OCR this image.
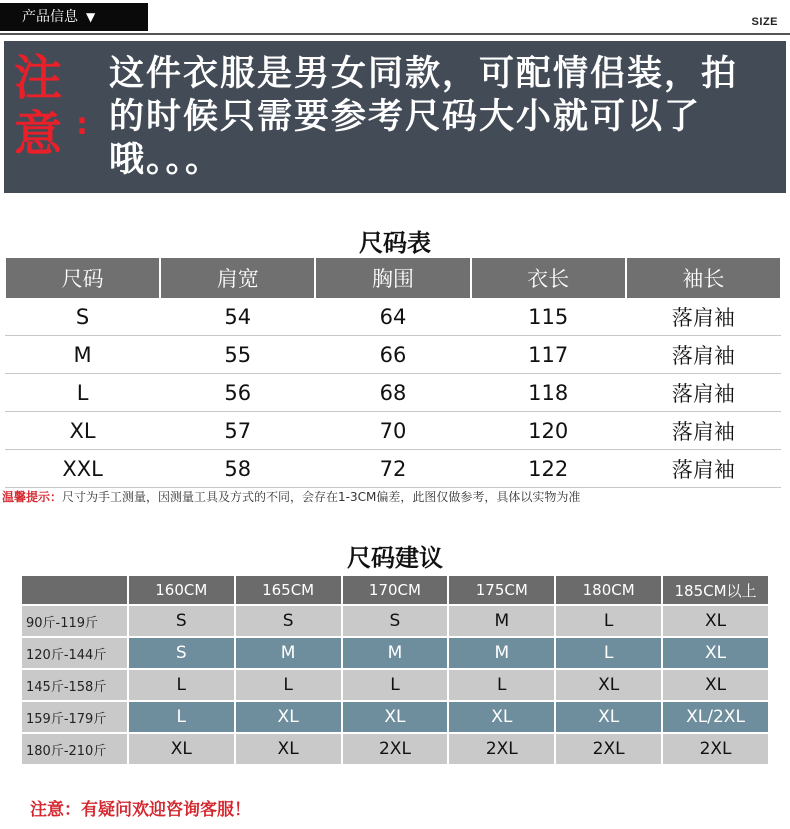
产品信息 ▼	SIZE
注意 :
这件衣服是男女同款，可配情侣装，拍的时候只需要参考尺码大小就可以了哦。。。
尺码表
尺码	肩宽	胸围	衣长	袖长
S	54	64	115	落肩袖
M	55	66	117	落肩袖
L	56	68	118	落肩袖
XL	57	70	120	落肩袖
XXL	58	72	122	落肩袖
温馨提示：尺寸为手工测量，因测量工具及方式的不同，会存在1-3CM偏差，此图仅做参考，具体以实物为准
尺码建议
	160CM	165CM	170CM	175CM	180CM	185CM以上
90斤-119斤	S	S	S	M	L	XL
120斤-144斤	S	M	M	M	L	XL
145斤-158斤	L	L	L	L	XL	XL
159斤-179斤	L	XL	XL	XL	XL	XL/2XL
180斤-210斤	XL	XL	2XL	2XL	2XL	2XL
注意：有疑问欢迎咨询客服！
